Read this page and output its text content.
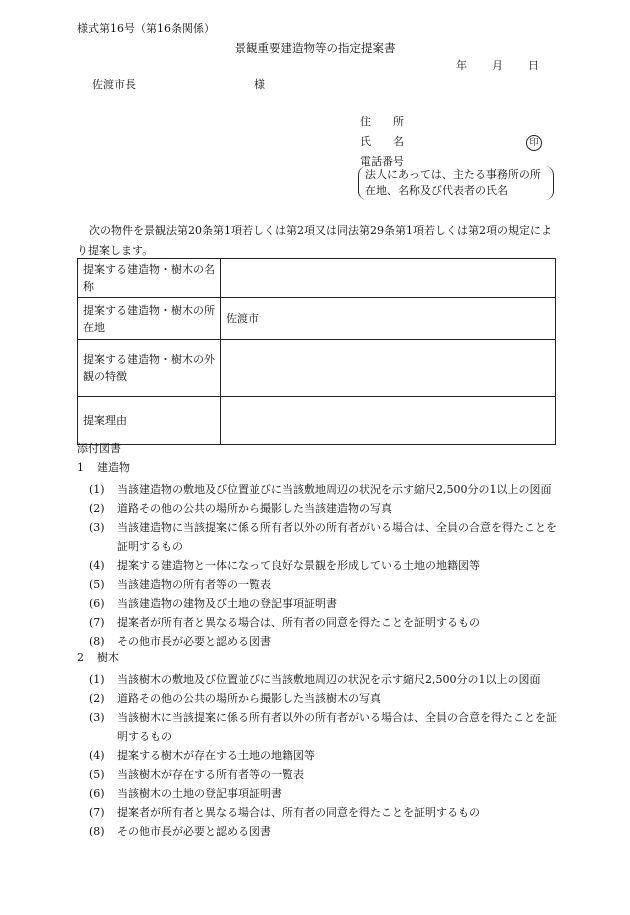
様式第16号（第16条関係）
景観重要建造物等の指定提案書
年 月 日
佐渡市長	様
住　　所
氏　　名	印
電話番号
法人にあっては、主たる事務所の所在地、名称及び代表者の氏名
次の物件を景観法第20条第1項若しくは第2項又は同法第29条第1項若しくは第2項の規定により提案します。
提案する建造物・樹木の名称	
提案する建造物・樹木の所在地	佐渡市
提案する建造物・樹木の外観の特徴	
提案理由	
添付図書
1 建造物
(1) 当該建造物の敷地及び位置並びに当該敷地周辺の状況を示す縮尺2,500分の1以上の図面
(2) 道路その他の公共の場所から撮影した当該建造物の写真
(3) 当該建造物に当該提案に係る所有者以外の所有者がいる場合は、全員の合意を得たことを証明するもの
(4) 提案する建造物と一体になって良好な景観を形成している土地の地籍図等
(5) 当該建造物の所有者等の一覧表
(6) 当該建造物の建物及び土地の登記事項証明書
(7) 提案者が所有者と異なる場合は、所有者の同意を得たことを証明するもの
(8) その他市長が必要と認める図書
2 樹木
(1) 当該樹木の敷地及び位置並びに当該敷地周辺の状況を示す縮尺2,500分の1以上の図面
(2) 道路その他の公共の場所から撮影した当該樹木の写真
(3) 当該樹木に当該提案に係る所有者以外の所有者がいる場合は、全員の合意を得たことを証明するもの
(4) 提案する樹木が存在する土地の地籍図等
(5) 当該樹木が存在する所有者等の一覧表
(6) 当該樹木の土地の登記事項証明書
(7) 提案者が所有者と異なる場合は、所有者の同意を得たことを証明するもの
(8) その他市長が必要と認める図書
